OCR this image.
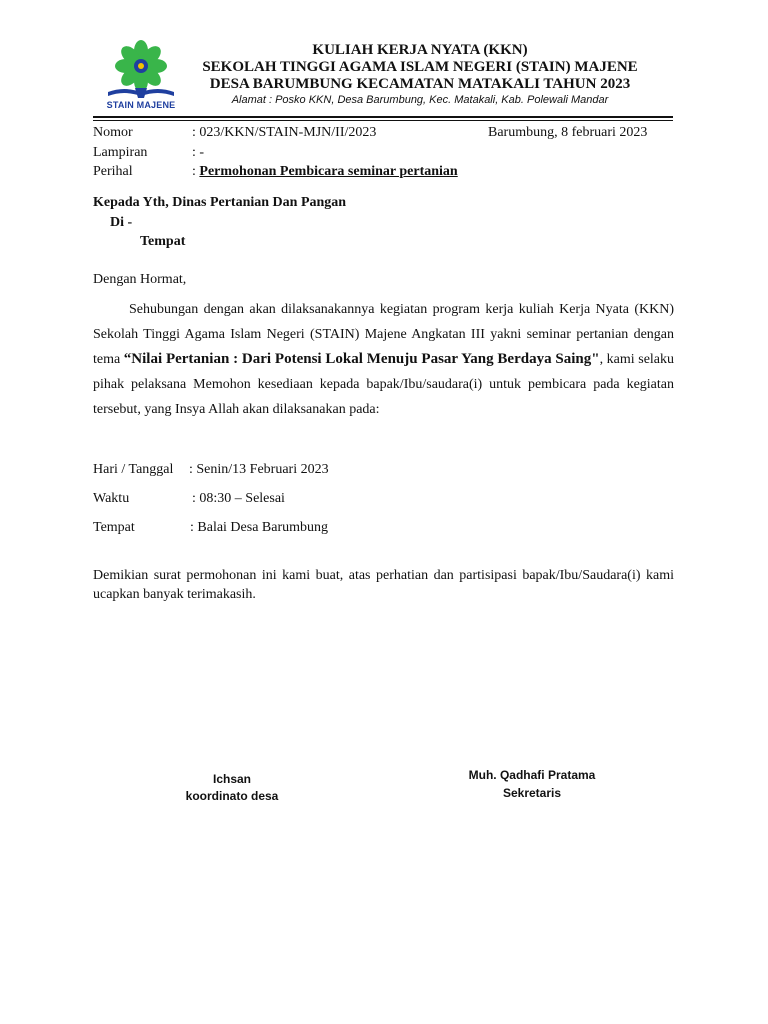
STAIN MAJENE
KULIAH KERJA NYATA (KKN)
SEKOLAH TINGGI AGAMA ISLAM NEGERI (STAIN) MAJENE
DESA BARUMBUNG KECAMATAN MATAKALI TAHUN 2023
Alamat : Posko KKN, Desa Barumbung, Kec. Matakali, Kab. Polewali Mandar
Nomor	: 023/KKN/STAIN-MJN/II/2023	Barumbung, 8 februari 2023
Lampiran	: -
Perihal	: Permohonan Pembicara seminar pertanian
Kepada Yth, Dinas Pertanian Dan Pangan
Di -
Tempat
Dengan Hormat,
Sehubungan dengan akan dilaksanakannya kegiatan program kerja kuliah Kerja Nyata (KKN) Sekolah Tinggi Agama Islam Negeri (STAIN) Majene Angkatan III yakni seminar pertanian dengan tema “Nilai Pertanian : Dari Potensi Lokal Menuju Pasar Yang Berdaya Saing", kami selaku pihak pelaksana Memohon kesediaan kepada bapak/Ibu/saudara(i) untuk pembicara pada kegiatan tersebut, yang Insya Allah akan dilaksanakan pada:
Hari / Tanggal : Senin/13 Februari 2023
Waktu	: 08:30 – Selesai
Tempat	: Balai Desa Barumbung
Demikian surat permohonan ini kami buat, atas perhatian dan partisipasi bapak/Ibu/Saudara(i) kami ucapkan banyak terimakasih.
Ichsan
koordinato desa
Muh. Qadhafi Pratama
Sekretaris
